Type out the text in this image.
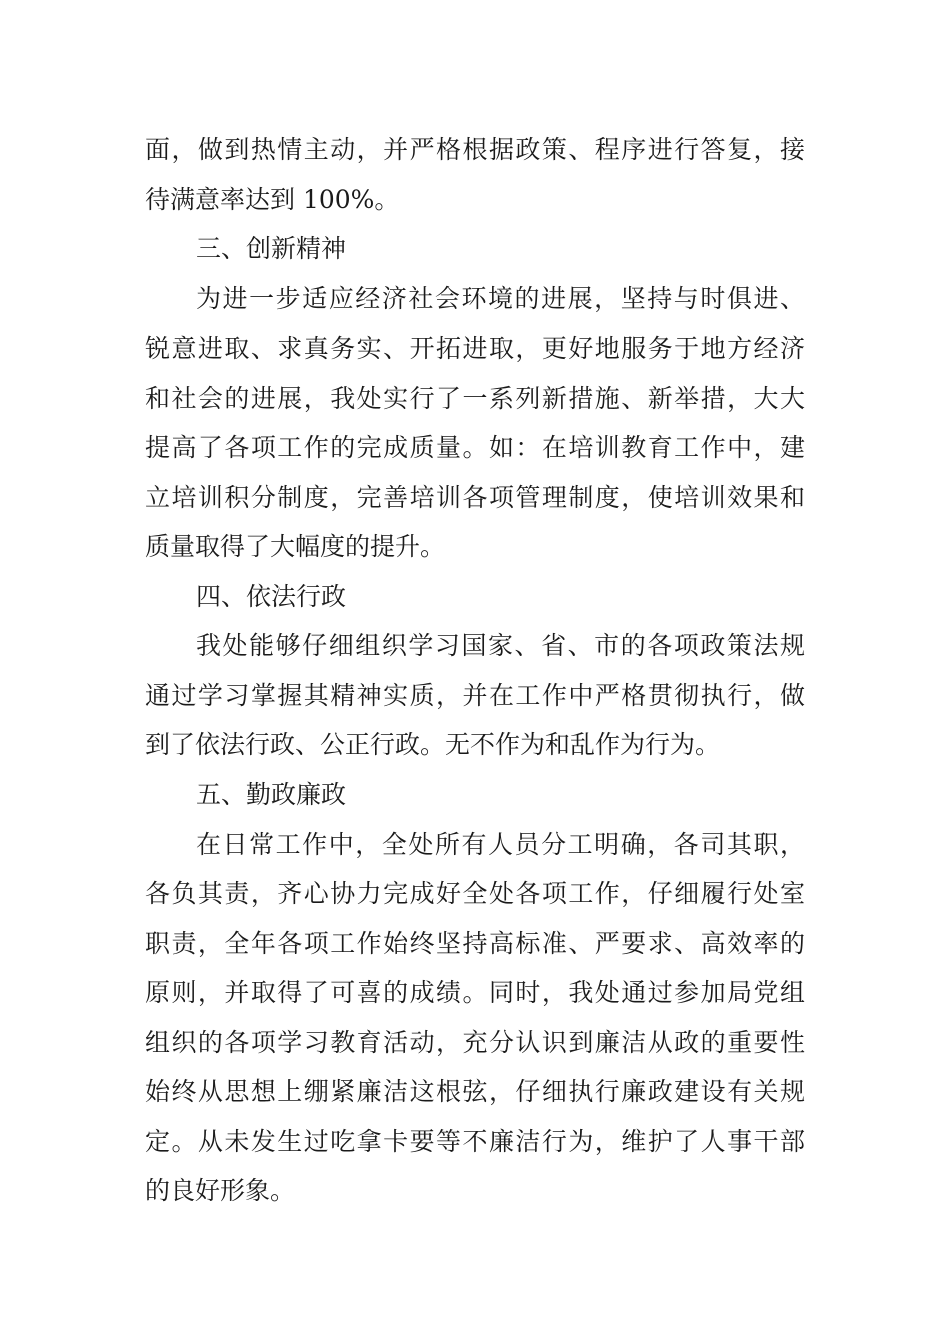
面，做到热情主动，并严格根据政策、程序进行答复，接
待满意率达到 100%。
三、创新精神
为进一步适应经济社会环境的进展，坚持与时俱进、
锐意进取、求真务实、开拓进取，更好地服务于地方经济
和社会的进展，我处实行了一系列新措施、新举措，大大
提高了各项工作的完成质量。如：在培训教育工作中，建
立培训积分制度，完善培训各项管理制度，使培训效果和
质量取得了大幅度的提升。
四、依法行政
我处能够仔细组织学习国家、省、市的各项政策法规
通过学习掌握其精神实质，并在工作中严格贯彻执行，做
到了依法行政、公正行政。无不作为和乱作为行为。
五、勤政廉政
在日常工作中，全处所有人员分工明确，各司其职，
各负其责，齐心协力完成好全处各项工作，仔细履行处室
职责，全年各项工作始终坚持高标准、严要求、高效率的
原则，并取得了可喜的成绩。同时，我处通过参加局党组
组织的各项学习教育活动，充分认识到廉洁从政的重要性
始终从思想上绷紧廉洁这根弦，仔细执行廉政建设有关规
定。从未发生过吃拿卡要等不廉洁行为，维护了人事干部
的良好形象。
